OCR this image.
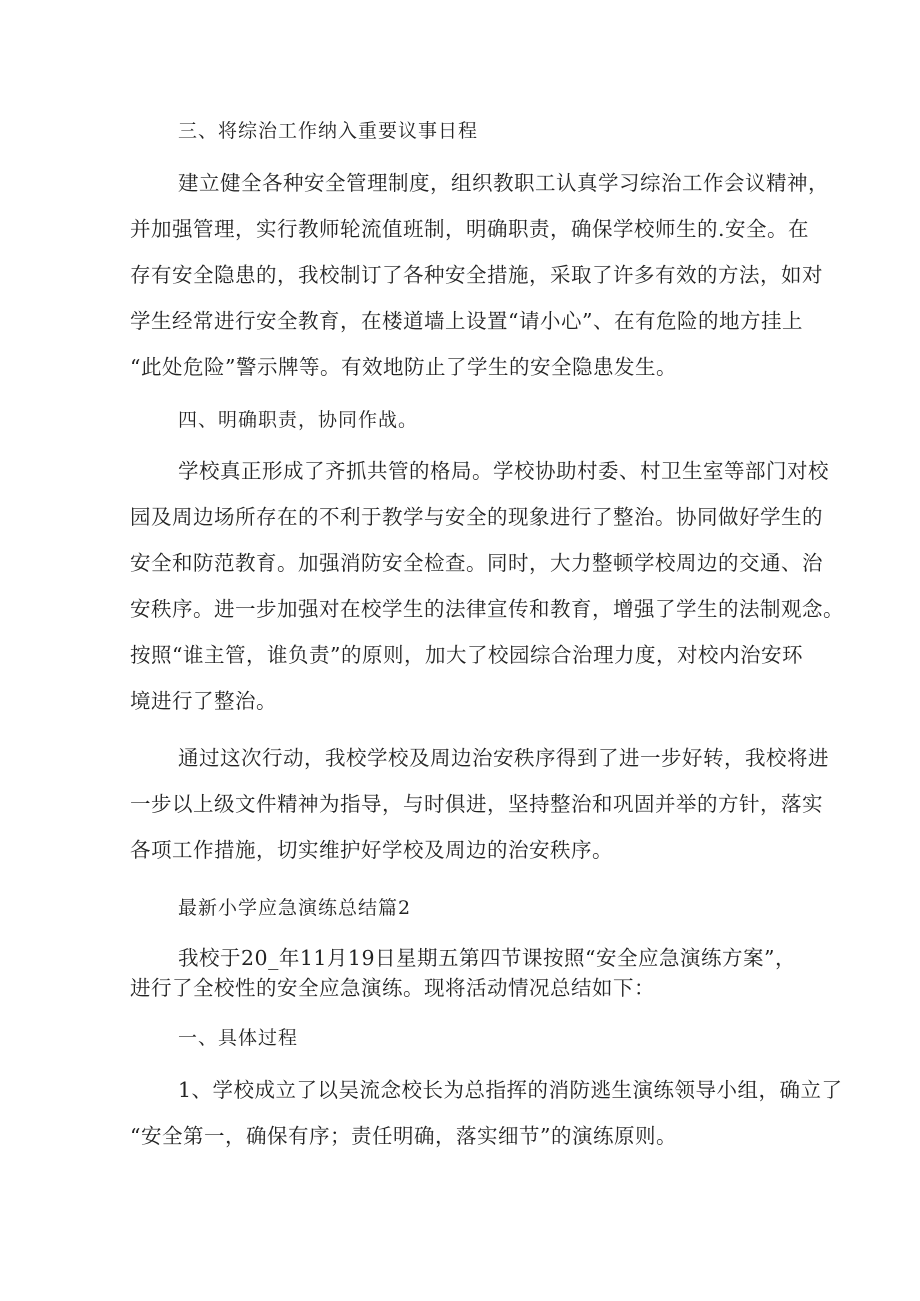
三、将综治工作纳入重要议事日程

建立健全各种安全管理制度，组织教职工认真学习综治工作会议精神，

并加强管理，实行教师轮流值班制，明确职责，确保学校师生的.安全。在

存有安全隐患的，我校制订了各种安全措施，采取了许多有效的方法，如对

学生经常进行安全教育，在楼道墙上设置“请小心”、在有危险的地方挂上

“此处危险”警示牌等。有效地防止了学生的安全隐患发生。

四、明确职责，协同作战。

学校真正形成了齐抓共管的格局。学校协助村委、村卫生室等部门对校

园及周边场所存在的不利于教学与安全的现象进行了整治。协同做好学生的

安全和防范教育。加强消防安全检查。同时，大力整顿学校周边的交通、治

安秩序。进一步加强对在校学生的法律宣传和教育，增强了学生的法制观念。

按照“谁主管，谁负责”的原则，加大了校园综合治理力度，对校内治安环

境进行了整治。

通过这次行动，我校学校及周边治安秩序得到了进一步好转，我校将进

一步以上级文件精神为指导，与时俱进，坚持整治和巩固并举的方针，落实

各项工作措施，切实维护好学校及周边的治安秩序。

最新小学应急演练总结篇2

我校于20_年11月19日星期五第四节课按照“安全应急演练方案”，

进行了全校性的安全应急演练。现将活动情况总结如下：

一、具体过程

1、学校成立了以吴流念校长为总指挥的消防逃生演练领导小组，确立了

“安全第一，确保有序；责任明确，落实细节”的演练原则。
